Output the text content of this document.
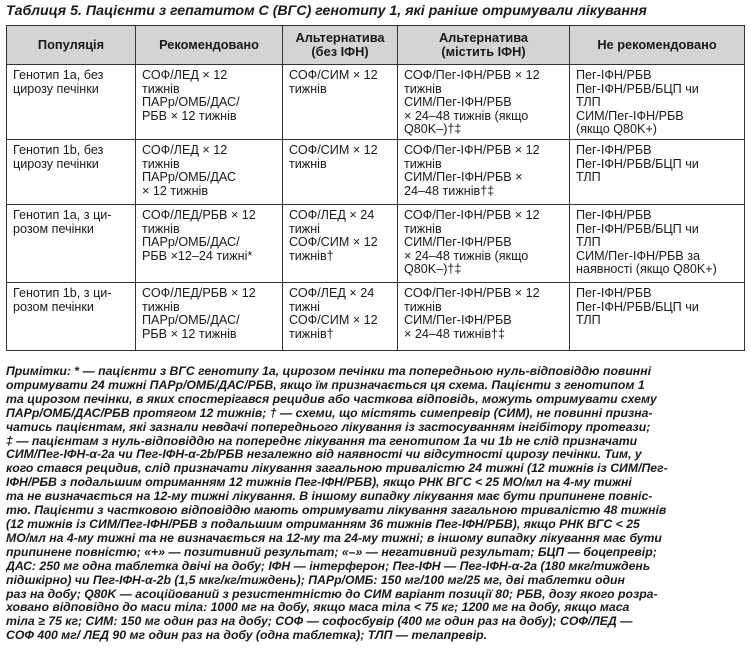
Таблиця 5. Пацієнти з гепатитом С (ВГС) генотипу 1, які раніше отримували лікування
Популяція	Рекомендовано	Альтернатива
(без ІФН)	Альтернатива
(містить ІФН)	Не рекомендовано

Генотип 1а, без
цирозу печінки	СОФ/ЛЕД × 12
тижнів
ПАРр/ОМБ/ДАС/
РБВ × 12 тижнів	СОФ/СИМ × 12
тижнів	СОФ/Пег-ІФН/РБВ × 12
тижнів
СИМ/Пег-ІФН/РБВ
× 24–48 тижнів (якщо
Q80K–)†‡	Пег-ІФН/РБВ
Пег-ІФН/РБВ/БЦП чи
ТЛП
СИМ/Пег-ІФН/РБВ
(якщо Q80K+)

Генотип 1b, без
цирозу печінки	СОФ/ЛЕД × 12
тижнів
ПАРр/ОМБ/ДАС
× 12 тижнів	СОФ/СИМ × 12
тижнів	СОФ/Пег-ІФН/РБВ × 12
тижнів
СИМ/Пег-ІФН/РБВ ×
24–48 тижнів†‡	Пег-ІФН/РБВ
Пег-ІФН/РБВ/БЦП чи
ТЛП

Генотип 1а, з ци-
розом печінки	СОФ/ЛЕД/РБВ × 12
тижнів
ПАРр/ОМБ/ДАС/
РБВ ×12–24 тижні*	СОФ/ЛЕД × 24
тижні
СОФ/СИМ × 12
тижнів†	СОФ/Пег-ІФН/РБВ × 12
тижнів
СИМ/Пег-ІФН/РБВ
× 24–48 тижнів (якщо
Q80K–)†‡	Пег-ІФН/РБВ
Пег-ІФН/РБВ/БЦП чи
ТЛП
СИМ/Пег-ІФН/РБВ за
наявності (якщо Q80K+)

Генотип 1b, з ци-
розом печінки	СОФ/ЛЕД/РБВ × 12
тижнів
ПАРр/ОМБ/ДАС/
РБВ × 12 тижнів	СОФ/ЛЕД × 24
тижні
СОФ/СИМ × 12
тижнів†	СОФ/Пег-ІФН/РБВ × 12
тижнів
СИМ/Пег-ІФН/РБВ
× 24–48 тижнів†‡	Пег-ІФН/РБВ
Пег-ІФН/РБВ/БЦП чи
ТЛП
Примітки: * — пацієнти з ВГС генотипу 1а, цирозом печінки та попередньою нуль-відповіддю повинні
отримувати 24 тижні ПАРр/ОМБ/ДАС/РБВ, якщо їм призначається ця схема. Пацієнти з генотипом 1
та цирозом печінки, в яких спостерігався рецидив або часткова відповідь, можуть отримувати схему
ПАРр/ОМБ/ДАС/РБВ протягом 12 тижнів; † — схеми, що містять симепревір (СИМ), не повинні призна-
чатись пацієнтам, які зазнали невдачі попереднього лікування із застосуванням інгібітору протеази;
‡ — пацієнтам з нуль-відповіддю на попереднє лікування та генотипом 1а чи 1b не слід призначати
СИМ/Пег-ІФН-α-2а чи Пег-ІФН-α-2b/РБВ незалежно від наявності чи відсутності цирозу печінки. Тим, у
кого стався рецидив, слід призначати лікування загальною тривалістю 24 тижні (12 тижнів із СИМ/Пег-
ІФН/РБВ з подальшим отриманням 12 тижнів Пег-ІФН/РБВ), якщо РНК ВГС < 25 МО/мл на 4-му тижні
та не визначається на 12-му тижні лікування. В іншому випадку лікування має бути припинене повніс-
тю. Пацієнти з частковою відповіддю мають отримувати лікування загальною тривалістю 48 тижнів
(12 тижнів із СИМ/Пег-ІФН/РБВ з подальшим отриманням 36 тижнів Пег-ІФН/РБВ), якщо РНК ВГС < 25
МО/мл на 4-му тижні та не визначається на 12-му та 24-му тижні; в іншому випадку лікування має бути
припинене повністю; «+» — позитивний результат; «–» — негативний результат; БЦП — боцепревір;
ДАС: 250 мг одна таблетка двічі на добу; ІФН — інтерферон; Пег-ІФН — Пег-ІФН-α-2а (180 мкг/тиждень
підшкірно) чи Пег-ІФН-α-2b (1,5 мкг/кг/тиждень); ПАРр/ОМБ: 150 мг/100 мг/25 мг, дві таблетки один
раз на добу; Q80K — асоційований з резистентністю до СИМ варіант позиції 80; РБВ, дозу якого розра-
ховано відповідно до маси тіла: 1000 мг на добу, якщо маса тіла < 75 кг; 1200 мг на добу, якщо маса
тіла ≥ 75 кг; СИМ: 150 мг один раз на добу; СОФ — софосбувір (400 мг один раз на добу); СОФ/ЛЕД —
СОФ 400 мг/ ЛЕД 90 мг один раз на добу (одна таблетка); ТЛП — телапревір.
